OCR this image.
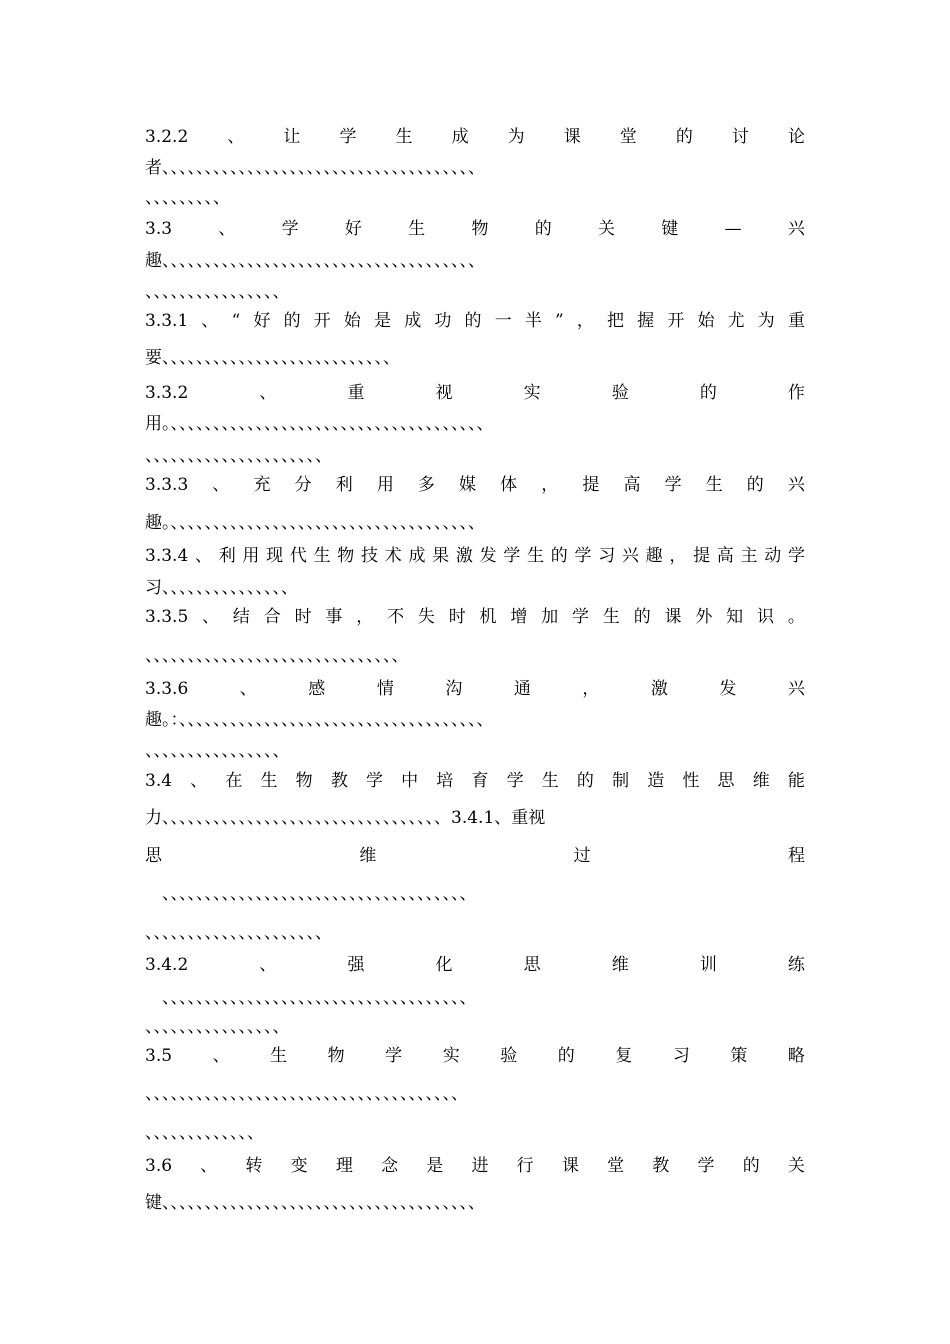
3.2.2 、 让 学 生 成 为 课 堂 的 讨 论
者、、、、、、、、、、、、、、、、、、、、、、、、、、、、、、、、、、、、、
、、、、、、、、、
3.3	、	学	好	生	物	的	关	键	—	兴
趣、、、、、、、、、、、、、、、、、、、、、、、、、、、、、、、、、、、、、
、、、、、、、、、、、、、、、、
3.3.1 、 “ 好 的 开 始 是 成 功 的 一 半 ” ， 把 握 开 始 尤 为 重
要、、、、、、、、、、、、、、、、、、、、、、、、、、、
3.3.2	、	重	视	实	验	的	作
用。、、、、、、、、、、、、、、、、、、、、、、、、、、、、、、、、、、、、、
、、、、、、、、、、、、、、、、、、、、、
3.3.3 、 充 分 利 用 多 媒 体 ， 提 高 学 生 的 兴
趣。、、、、、、、、、、、、、、、、、、、、、、、、、、、、、、、、、、、、
3.3.4 、 利 用 现 代 生 物 技 术 成 果 激 发 学 生 的 学 习 兴 趣 ， 提 高 主 动 学
习、、、、、、、、、、、、、、、
3.3.5 、 结 合 时 事 ， 不 失 时 机 增 加 学 生 的 课 外 知 识 。
、、、、、、、、、、、、、、、、、、、、、、、、、、、、、、
3.3.6	、	感	情	沟	通	，	激	发	兴
趣。：、、、、、、、、、、、、、、、、、、、、、、、、、、、、、、、、、、、、
、、、、、、、、、、、、、、、、
3.4 、 在 生 物 教 学 中 培 育 学 生 的 制 造 性 思 维 能
力、、、、、、、、、、、、、、、、、、、、、、、、、、、、、、、、、3.4.1、重视
思	维	过	程
　、、、、、、、、、、、、、、、、、、、、、、、、、、、、、、、、、、、、
、、、、、、、、、、、、、、、、、、、、、
3.4.2	、	强	化	思	维	训	练
　、、、、、、、、、、、、、、、、、、、、、、、、、、、、、、、、、、、、
、、、、、、、、、、、、、、、、
3.5 、 生 物 学 实 验 的 复 习 策 略
、、、、、、、、、、、、、、、、、、、、、、、、、、、、、、、、、、、、、
、、、、、、、、、、、、、
3.6 、 转 变 理 念 是 进 行 课 堂 教 学 的 关
键、、、、、、、、、、、、、、、、、、、、、、、、、、、、、、、、、、、、、
